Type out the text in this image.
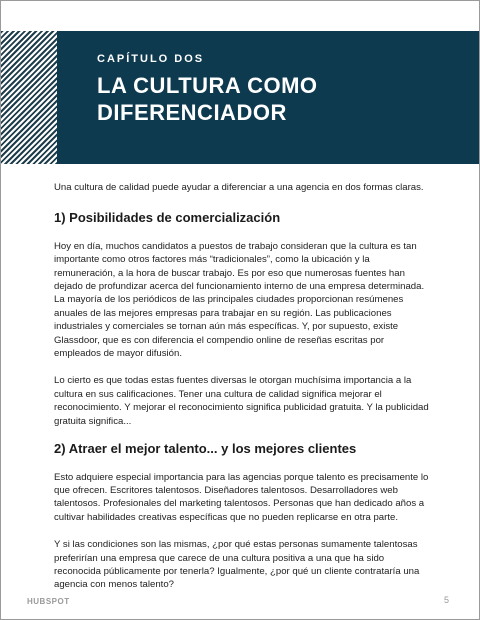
CAPÍTULO DOS
LA CULTURA COMO
DIFERENCIADOR

Una cultura de calidad puede ayudar a diferenciar a una agencia en dos formas claras.

1) Posibilidades de comercialización

Hoy en día, muchos candidatos a puestos de trabajo consideran que la cultura es tan importante como otros factores más “tradicionales”, como la ubicación y la remuneración, a la hora de buscar trabajo. Es por eso que numerosas fuentes han dejado de profundizar acerca del funcionamiento interno de una empresa determinada. La mayoría de los periódicos de las principales ciudades proporcionan resúmenes anuales de las mejores empresas para trabajar en su región. Las publicaciones industriales y comerciales se tornan aún más específicas. Y, por supuesto, existe Glassdoor, que es con diferencia el compendio online de reseñas escritas por empleados de mayor difusión.

Lo cierto es que todas estas fuentes diversas le otorgan muchísima importancia a la cultura en sus calificaciones. Tener una cultura de calidad significa mejorar el reconocimiento. Y mejorar el reconocimiento significa publicidad gratuita. Y la publicidad gratuita significa...

2) Atraer el mejor talento... y los mejores clientes

Esto adquiere especial importancia para las agencias porque talento es precisamente lo que ofrecen. Escritores talentosos. Diseñadores talentosos. Desarrolladores web talentosos. Profesionales del marketing talentosos. Personas que han dedicado años a cultivar habilidades creativas específicas que no pueden replicarse en otra parte.

Y si las condiciones son las mismas, ¿por qué estas personas sumamente talentosas preferirían una empresa que carece de una cultura positiva a una que ha sido reconocida públicamente por tenerla? Igualmente, ¿por qué un cliente contrataría una agencia con menos talento?

HUBSPOT	5
